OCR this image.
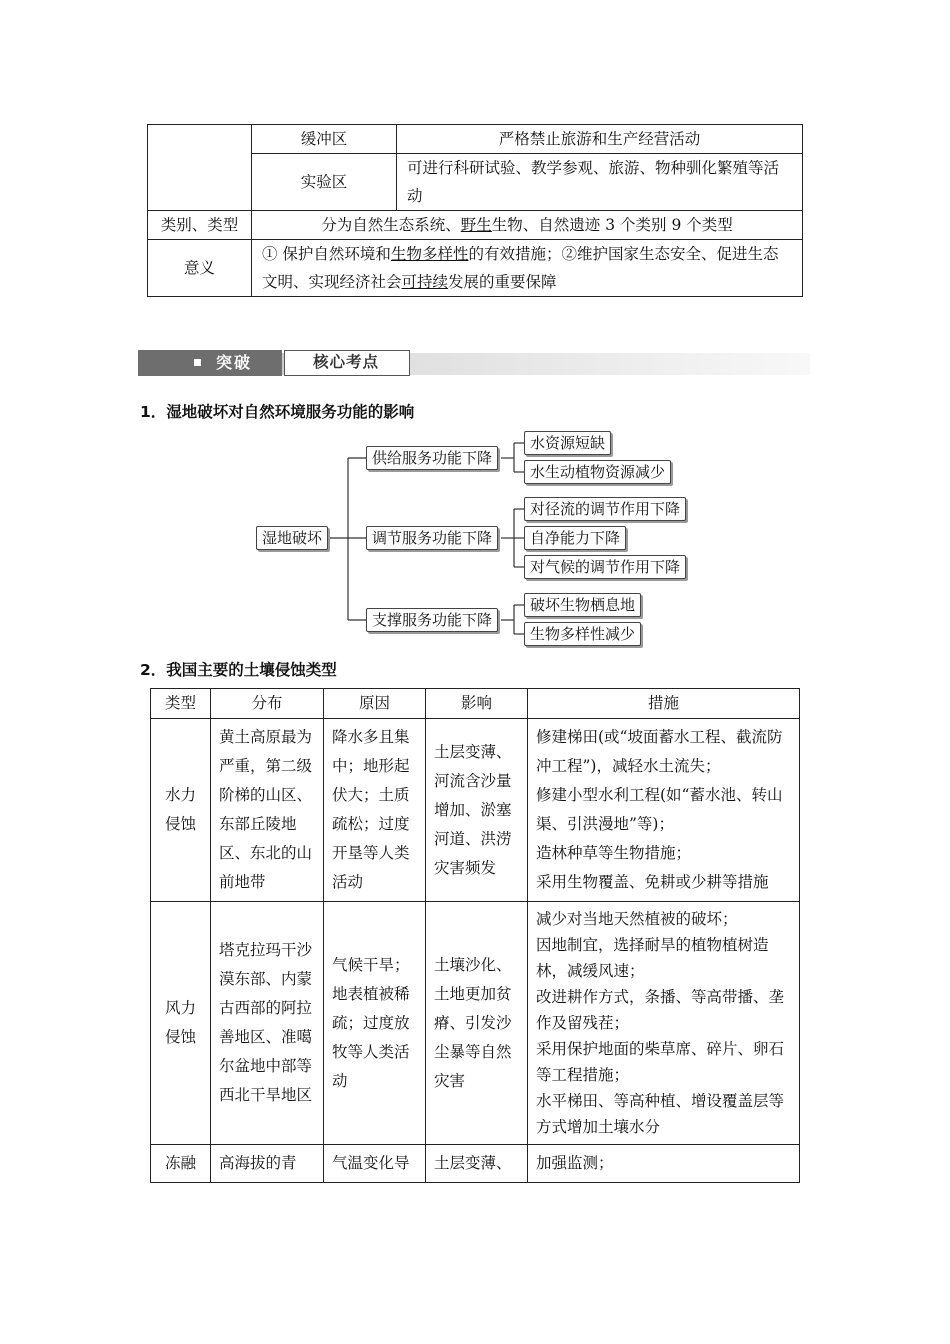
	缓冲区	严格禁止旅游和生产经营活动
	实验区	可进行科研试验、教学参观、旅游、物种驯化繁殖等活动
类别、类型	分为自然生态系统、野生生物、自然遗迹 3 个类别 9 个类型	
意义	① 保护自然环境和生物多样性的有效措施；②维护国家生态安全、促进生态文明、实现经济社会可持续发展的重要保障	
突破	核心考点
1．湿地破坏对自然环境服务功能的影响
湿地破坏
供给服务功能下降
调节服务功能下降
支撑服务功能下降
水资源短缺
水生动植物资源减少
对径流的调节作用下降
自净能力下降
对气候的调节作用下降
破坏生物栖息地
生物多样性减少
2．我国主要的土壤侵蚀类型
类型	分布	原因	影响	措施
水力侵蚀	黄土高原最为严重，第二级阶梯的山区、东部丘陵地区、东北的山前地带	降水多且集中；地形起伏大；土质疏松；过度开垦等人类活动	土层变薄、河流含沙量增加、淤塞河道、洪涝灾害频发	修建梯田(或“坡面蓄水工程、截流防冲工程”)，减轻水土流失；
修建小型水利工程(如“蓄水池、转山渠、引洪漫地”等)；
造林种草等生物措施；
采用生物覆盖、免耕或少耕等措施

风力侵蚀	塔克拉玛干沙漠东部、内蒙古西部的阿拉善地区、准噶尔盆地中部等西北干旱地区	气候干旱；地表植被稀疏；过度放牧等人类活动	土壤沙化、土地更加贫瘠、引发沙尘暴等自然灾害	减少对当地天然植被的破坏；
因地制宜，选择耐旱的植物植树造林，减缓风速；
改进耕作方式，条播、等高带播、垄作及留残茬；
采用保护地面的柴草席、碎片、卵石等工程措施；
水平梯田、等高种植、增设覆盖层等方式增加土壤水分

冻融	高海拔的青	气温变化导	土层变薄、	加强监测；
